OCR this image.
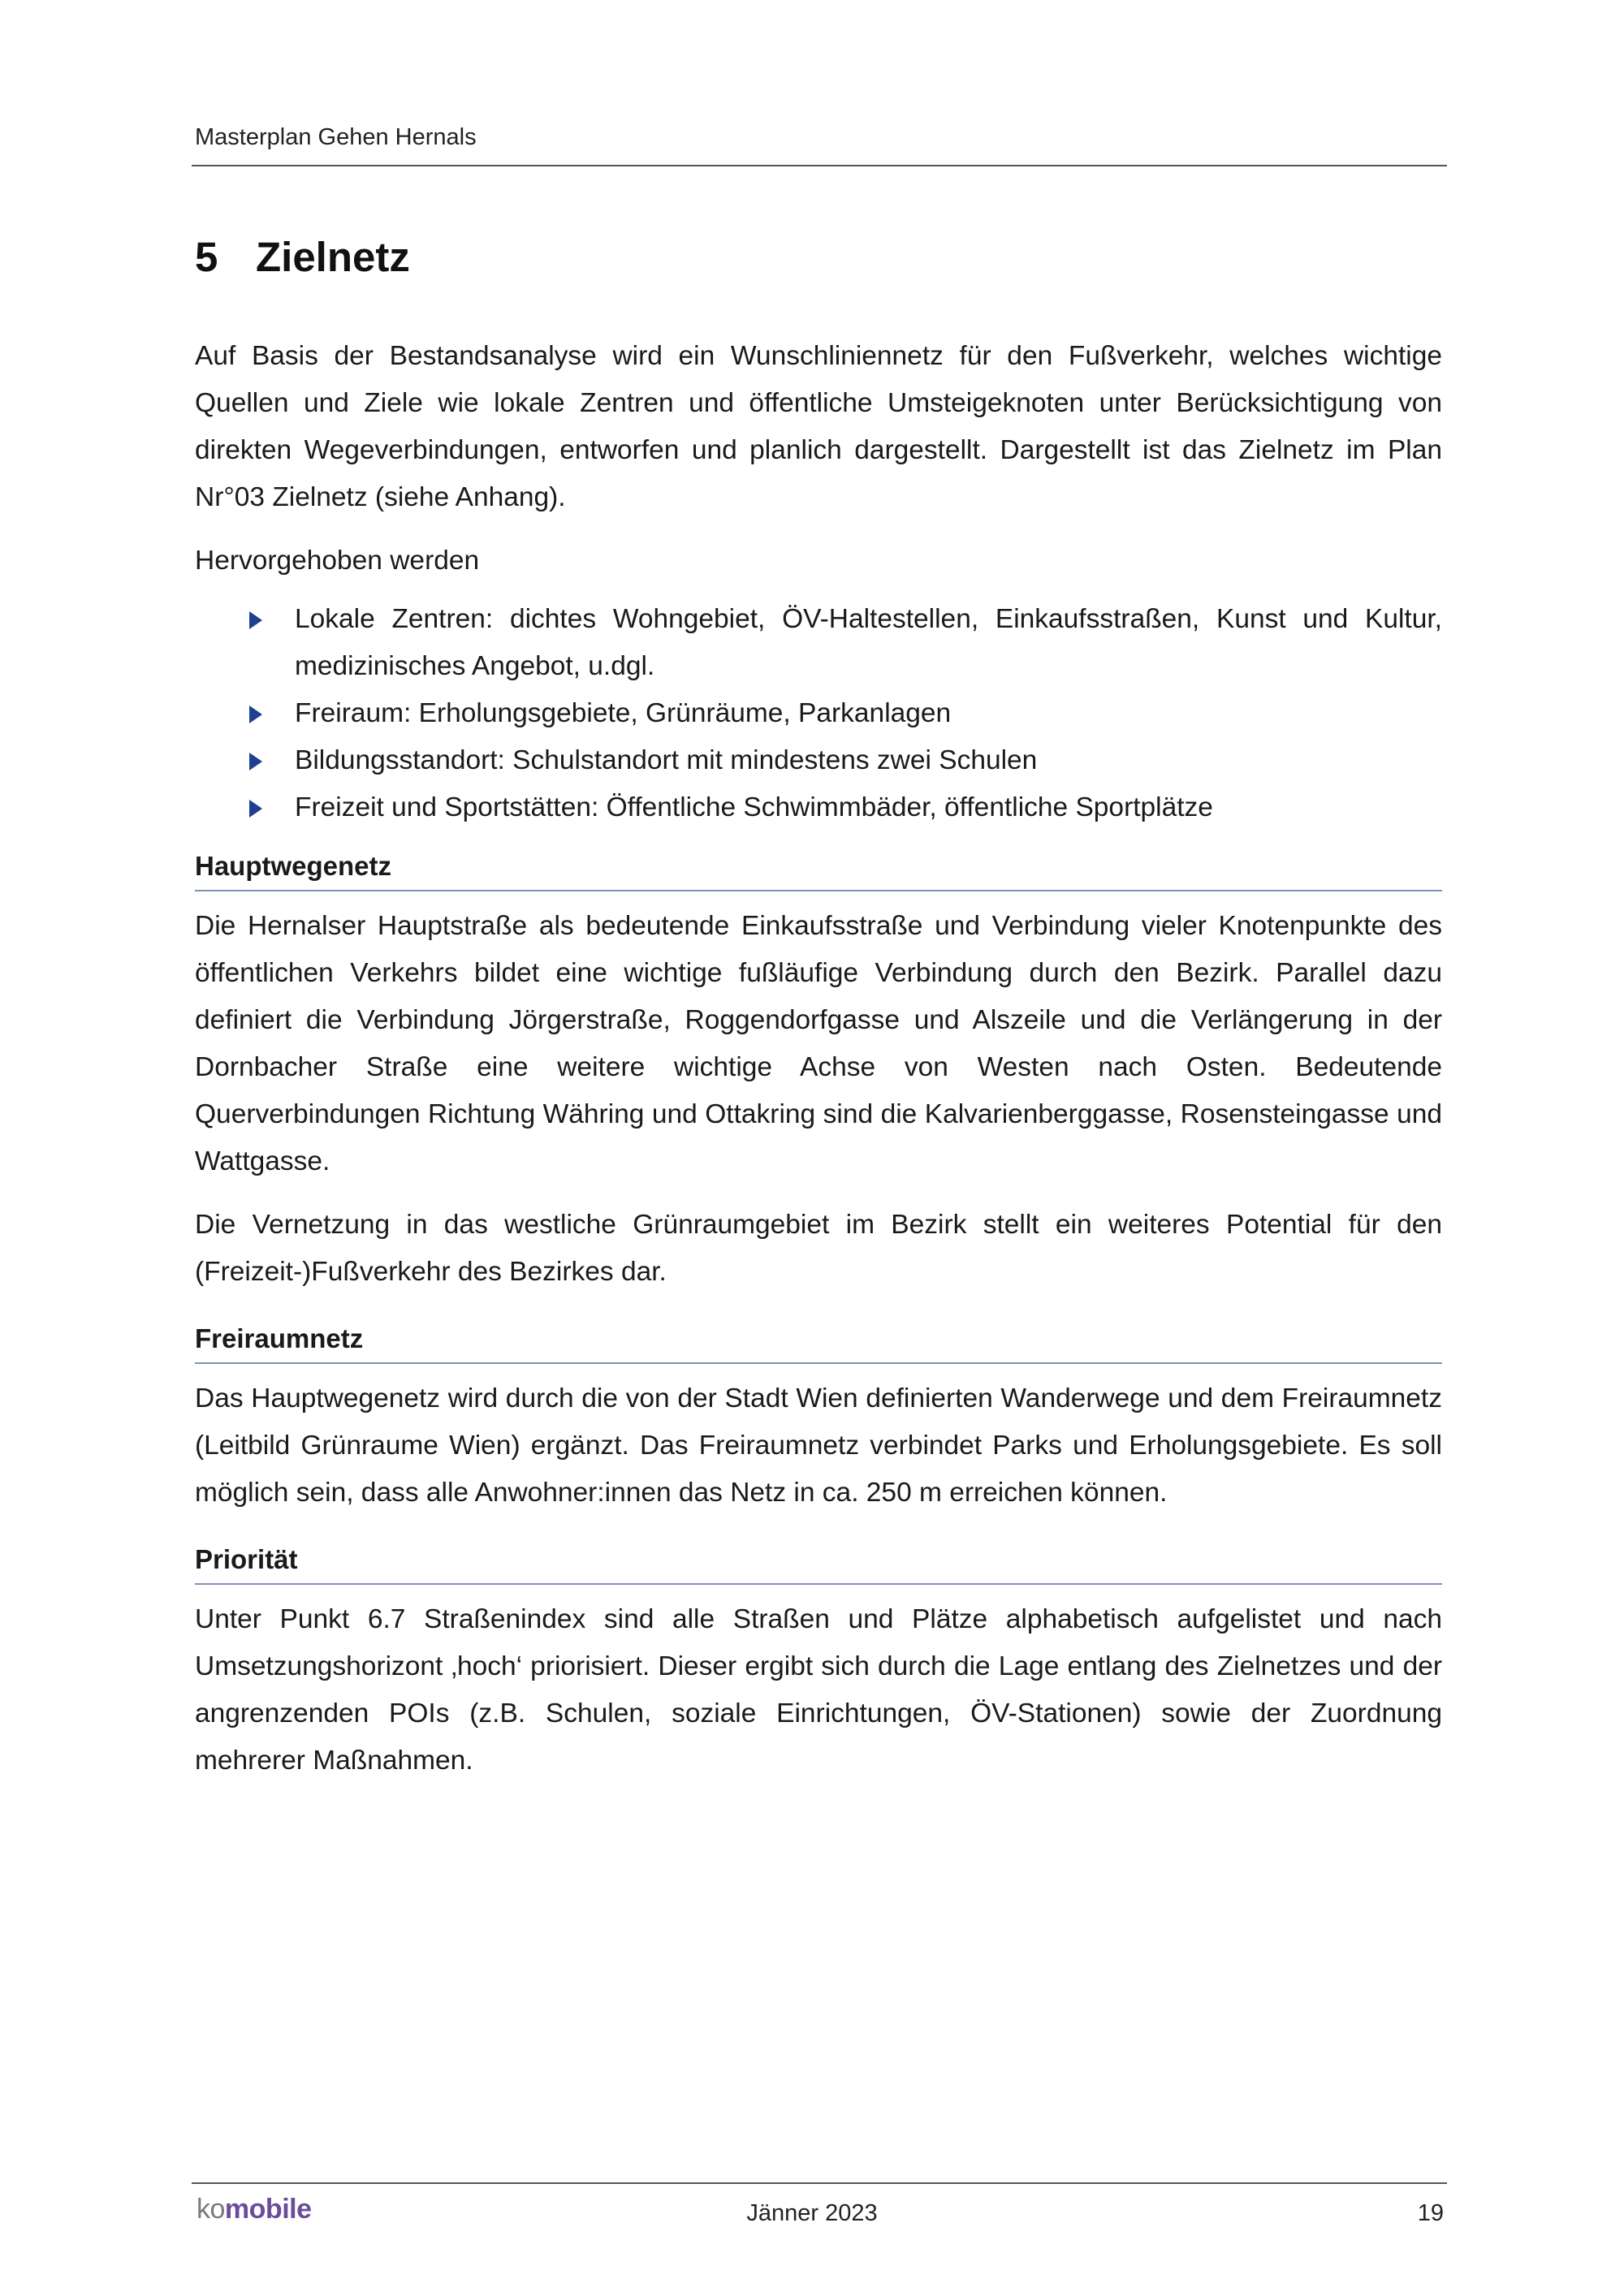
Masterplan Gehen Hernals
5 Zielnetz

Auf Basis der Bestandsanalyse wird ein Wunschliniennetz für den Fußverkehr, welches wichtige Quellen und Ziele wie lokale Zentren und öffentliche Umsteigeknoten unter Berücksichtigung von direkten Wegeverbindungen, entworfen und planlich dargestellt. Dargestellt ist das Zielnetz im Plan Nr°03 Zielnetz (siehe Anhang).

Hervorgehoben werden

Lokale Zentren: dichtes Wohngebiet, ÖV-Haltestellen, Einkaufsstraßen, Kunst und Kultur, medizinisches Angebot, u.dgl.
Freiraum: Erholungsgebiete, Grünräume, Parkanlagen
Bildungsstandort: Schulstandort mit mindestens zwei Schulen
Freizeit und Sportstätten: Öffentliche Schwimmbäder, öffentliche Sportplätze
Hauptwegenetz

Die Hernalser Hauptstraße als bedeutende Einkaufsstraße und Verbindung vieler Knotenpunkte des öffentlichen Verkehrs bildet eine wichtige fußläufige Verbindung durch den Bezirk. Parallel dazu definiert die Verbindung Jörgerstraße, Roggendorfgasse und Alszeile und die Verlängerung in der Dornbacher Straße eine weitere wichtige Achse von Westen nach Osten. Bedeutende Querverbindungen Richtung Währing und Ottakring sind die Kalvarienberggasse, Rosensteingasse und Wattgasse.

Die Vernetzung in das westliche Grünraumgebiet im Bezirk stellt ein weiteres Potential für den (Freizeit-)Fußverkehr des Bezirkes dar.

Freiraumnetz

Das Hauptwegenetz wird durch die von der Stadt Wien definierten Wanderwege und dem Freiraumnetz (Leitbild Grünraume Wien) ergänzt. Das Freiraumnetz verbindet Parks und Erholungsgebiete. Es soll möglich sein, dass alle Anwohner:innen das Netz in ca. 250 m erreichen können.

Priorität

Unter Punkt 6.7 Straßenindex sind alle Straßen und Plätze alphabetisch aufgelistet und nach Umsetzungshorizont ‚hoch‘ priorisiert. Dieser ergibt sich durch die Lage entlang des Zielnetzes und der angrenzenden POIs (z.B. Schulen, soziale Einrichtungen, ÖV-Stationen) sowie der Zuordnung mehrerer Maßnahmen.

komobile	Jänner 2023	19
